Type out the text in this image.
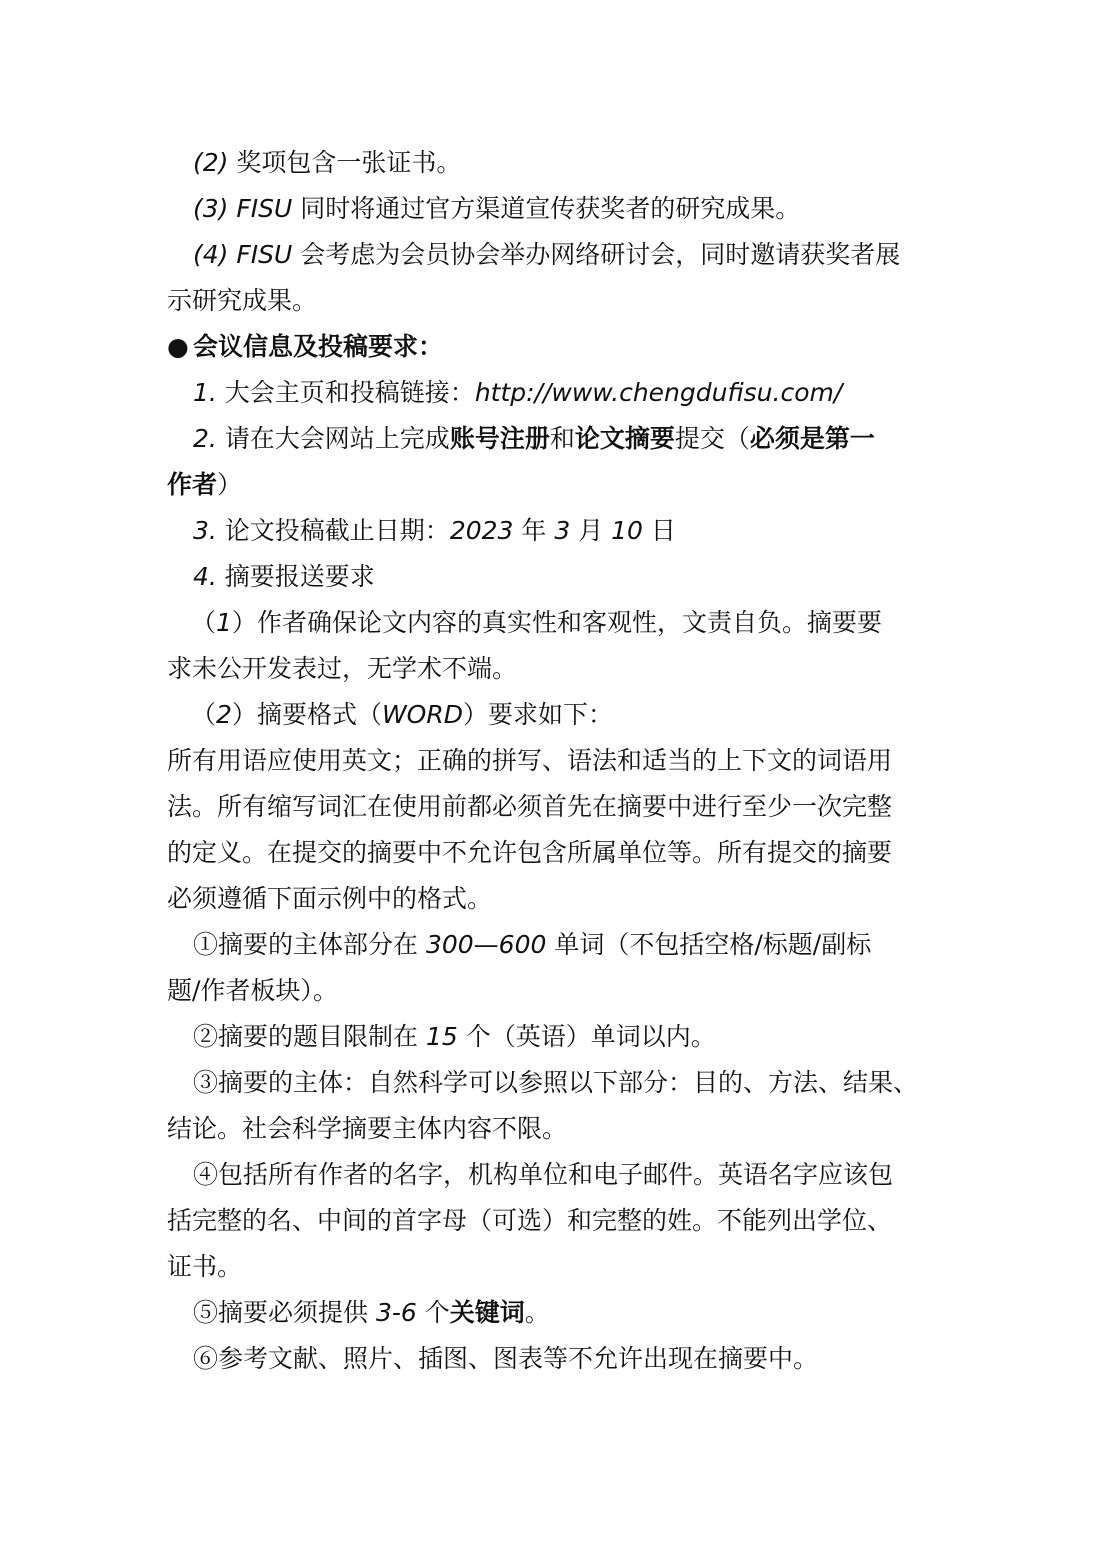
(2) 奖项包含一张证书。
(3) FISU 同时将通过官方渠道宣传获奖者的研究成果。
(4) FISU 会考虑为会员协会举办网络研讨会，同时邀请获奖者展
示研究成果。
● 会议信息及投稿要求：
1. 大会主页和投稿链接：http://www.chengdufisu.com/
2. 请在大会网站上完成账号注册和论文摘要提交（必须是第一
作者）
3. 论文投稿截止日期：2023 年 3 月 10 日
4. 摘要报送要求
（1）作者确保论文内容的真实性和客观性，文责自负。摘要要
求未公开发表过，无学术不端。
（2）摘要格式（WORD）要求如下：
所有用语应使用英文；正确的拼写、语法和适当的上下文的词语用
法。所有缩写词汇在使用前都必须首先在摘要中进行至少一次完整
的定义。在提交的摘要中不允许包含所属单位等。所有提交的摘要
必须遵循下面示例中的格式。
①摘要的主体部分在 300—600 单词（不包括空格/标题/副标
题/作者板块）。
②摘要的题目限制在 15 个（英语）单词以内。
③摘要的主体：自然科学可以参照以下部分：目的、方法、结果、
结论。社会科学摘要主体内容不限。
④包括所有作者的名字，机构单位和电子邮件。英语名字应该包
括完整的名、中间的首字母（可选）和完整的姓。不能列出学位、
证书。
⑤摘要必须提供 3-6 个关键词。
⑥参考文献、照片、插图、图表等不允许出现在摘要中。
